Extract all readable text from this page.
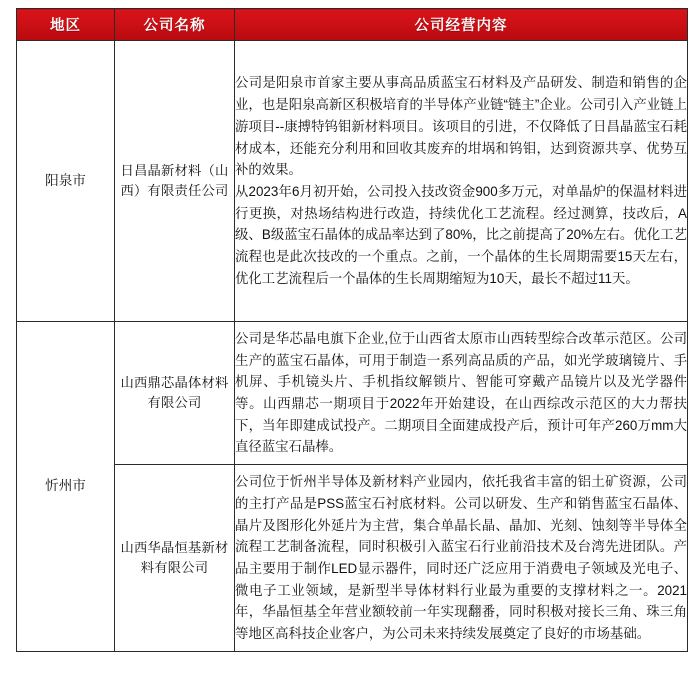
地区	公司名称	公司经营内容
阳泉市	日昌晶新材料（山西）有限责任公司	公司是阳泉市首家主要从事高品质蓝宝石材料及产品研发、制造和销售的企业，也是阳泉高新区积极培育的半导体产业链“链主”企业。公司引入产业链上游项目--康搏特钨钼新材料项目。该项目的引进，不仅降低了日昌晶蓝宝石耗材成本，还能充分利用和回收其废弃的坩埚和钨钼，达到资源共享、优势互补的效果。

从2023年6月初开始，公司投入技改资金900多万元，对单晶炉的保温材料进行更换，对热场结构进行改造，持续优化工艺流程。经过测算，技改后，A级、B级蓝宝石晶体的成品率达到了80%，比之前提高了20%左右。优化工艺流程也是此次技改的一个重点。之前，一个晶体的生长周期需要15天左右，优化工艺流程后一个晶体的生长周期缩短为10天，最长不超过11天。

忻州市	山西鼎芯晶体材料有限公司	公司是华芯晶电旗下企业,位于山西省太原市山西转型综合改革示范区。公司生产的蓝宝石晶体，可用于制造一系列高品质的产品，如光学玻璃镜片、手机屏、手机镜头片、手机指纹解锁片、智能可穿戴产品镜片以及光学器件等。山西鼎芯一期项目于2022年开始建设，在山西综改示范区的大力帮扶下，当年即建成试投产。二期项目全面建成投产后，预计可年产260万mm大直径蓝宝石晶棒。

	山西华晶恒基新材料有限公司	公司位于忻州半导体及新材料产业园内，依托我省丰富的铝土矿资源，公司的主打产品是PSS蓝宝石衬底材料。公司以研发、生产和销售蓝宝石晶体、晶片及图形化外延片为主营，集合单晶长晶、晶加、光刻、蚀刻等半导体全流程工艺制备流程，同时积极引入蓝宝石行业前沿技术及台湾先进团队。产品主要用于制作LED显示器件，同时还广泛应用于消费电子领域及光电子、微电子工业领域，是新型半导体材料行业最为重要的支撑材料之一。2021年，华晶恒基全年营业额较前一年实现翻番，同时积极对接长三角、珠三角等地区高科技企业客户，为公司未来持续发展奠定了良好的市场基础。
